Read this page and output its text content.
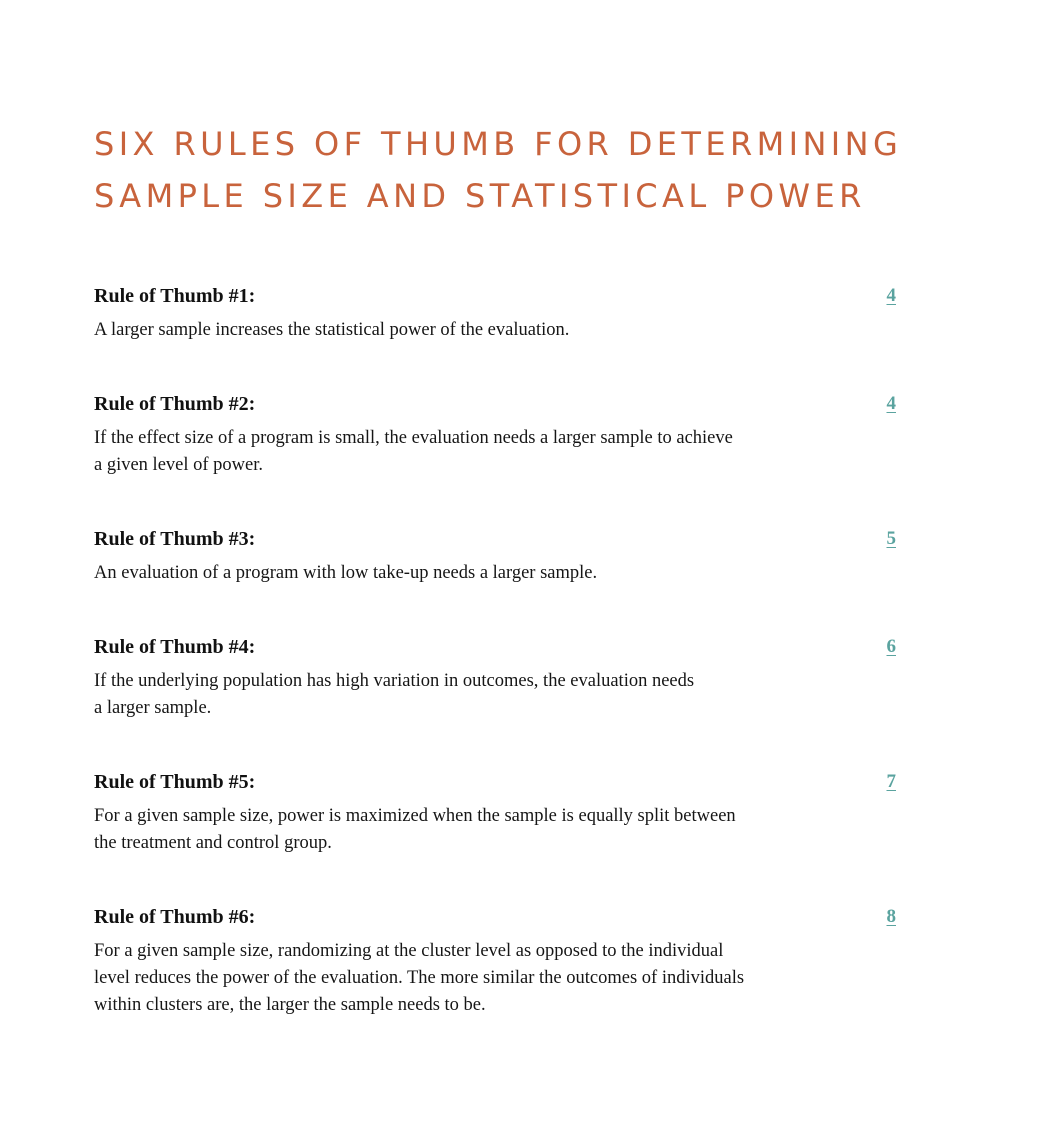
SIX RULES OF THUMB FOR DETERMINING
SAMPLE SIZE AND STATISTICAL POWER
Rule of Thumb #1:	4
A larger sample increases the statistical power of the evaluation.
Rule of Thumb #2:	4
If the effect size of a program is small, the evaluation needs a larger sample to achieve
a given level of power.
Rule of Thumb #3:	5
An evaluation of a program with low take-up needs a larger sample.
Rule of Thumb #4:	6
If the underlying population has high variation in outcomes, the evaluation needs
a larger sample.
Rule of Thumb #5:	7
For a given sample size, power is maximized when the sample is equally split between
the treatment and control group.
Rule of Thumb #6:	8
For a given sample size, randomizing at the cluster level as opposed to the individual
level reduces the power of the evaluation. The more similar the outcomes of individuals
within clusters are, the larger the sample needs to be.
